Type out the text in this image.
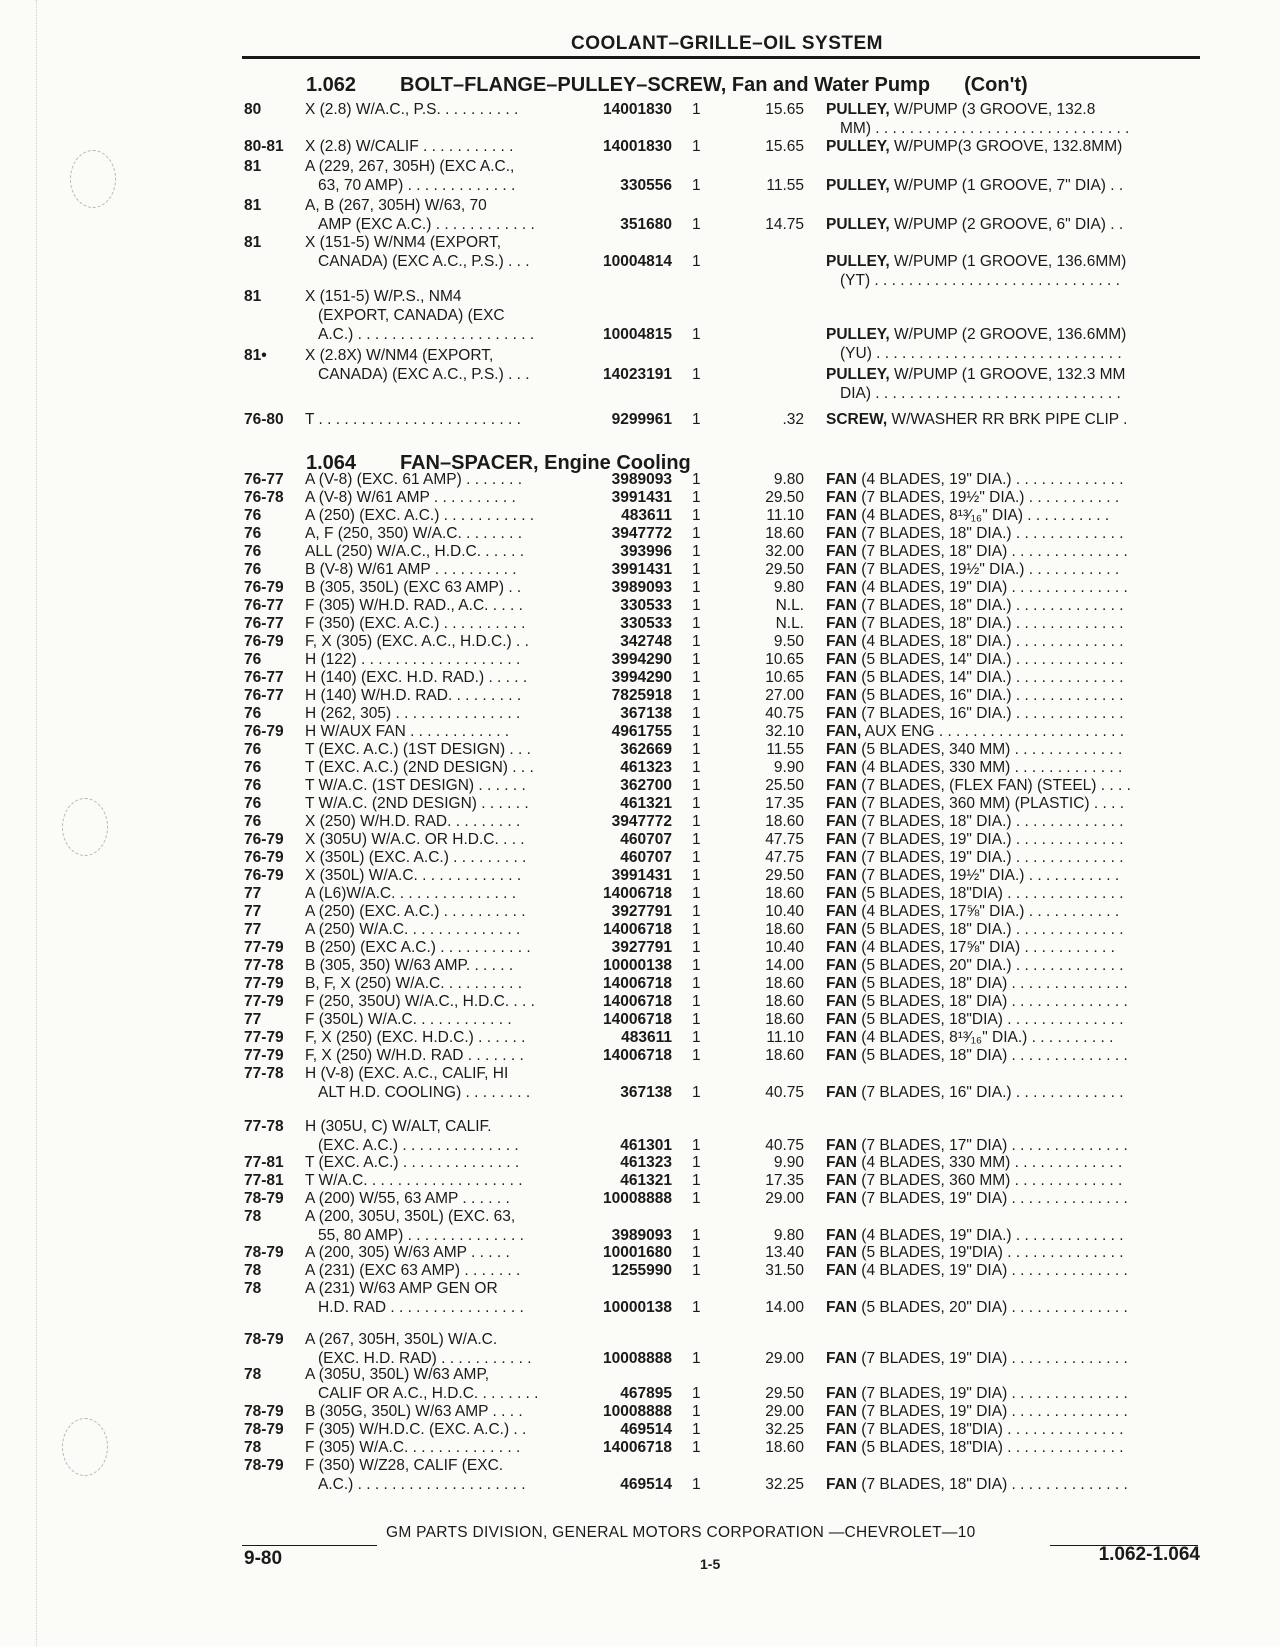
COOLANT–GRILLE–OIL SYSTEM
1.062 BOLT–FLANGE–PULLEY–SCREW, Fan and Water Pump (Con't)
1.064 FAN–SPACER, Engine Cooling
80	X (2.8) W/A.C., P.S. . . . . . . . . .	14001830 1	15.65 PULLEY, W/PUMP (3 GROOVE, 132.8
MM) . . . . . . . . . . . . . . . . . . . . . . . . . . . . . .
80-81 X (2.8) W/CALIF . . . . . . . . . . .	14001830 1	15.65 PULLEY, W/PUMP(3 GROOVE, 132.8MM)
81	A (229, 267, 305H) (EXC A.C.,
63, 70 AMP) . . . . . . . . . . . . .	330556 1	11.55 PULLEY, W/PUMP (1 GROOVE, 7" DIA) . .
81	A, B (267, 305H) W/63, 70
AMP (EXC A.C.) . . . . . . . . . . . .	351680 1	14.75 PULLEY, W/PUMP (2 GROOVE, 6" DIA) . .
81	X (151-5) W/NM4 (EXPORT,
CANADA) (EXC A.C., P.S.) . . .	10004814 1	PULLEY, W/PUMP (1 GROOVE, 136.6MM)
(YT) . . . . . . . . . . . . . . . . . . . . . . . . . . . . .
81	X (151-5) W/P.S., NM4
(EXPORT, CANADA) (EXC
A.C.) . . . . . . . . . . . . . . . . . . . . .	10004815 1	PULLEY, W/PUMP (2 GROOVE, 136.6MM)
(YU) . . . . . . . . . . . . . . . . . . . . . . . . . . . . .
81• X (2.8X) W/NM4 (EXPORT,
CANADA) (EXC A.C., P.S.) . . .	14023191 1	PULLEY, W/PUMP (1 GROOVE, 132.3 MM
DIA) . . . . . . . . . . . . . . . . . . . . . . . . . . . . .
76-80 T . . . . . . . . . . . . . . . . . . . . . . . .	9299961 1	.32 SCREW, W/WASHER RR BRK PIPE CLIP .
76-77 A (V-8) (EXC. 61 AMP) . . . . . . .	3989093 1	9.80 FAN (4 BLADES, 19" DIA.) . . . . . . . . . . . . .
76-78 A (V-8) W/61 AMP . . . . . . . . . .	3991431 1	29.50 FAN (7 BLADES, 19½" DIA.) . . . . . . . . . . .
76	A (250) (EXC. A.C.) . . . . . . . . . . .	483611 1	11.10 FAN (4 BLADES, 8¹³⁄₁₆" DIA) . . . . . . . . . .
76	A, F (250, 350) W/A.C. . . . . . . .	3947772 1	18.60 FAN (7 BLADES, 18" DIA.) . . . . . . . . . . . . .
76	ALL (250) W/A.C., H.D.C. . . . . .	393996 1	32.00 FAN (7 BLADES, 18" DIA) . . . . . . . . . . . . . .
76	B (V-8) W/61 AMP . . . . . . . . . .	3991431 1	29.50 FAN (7 BLADES, 19½" DIA.) . . . . . . . . . . .
76-79 B (305, 350L) (EXC 63 AMP) . .	3989093 1	9.80 FAN (4 BLADES, 19" DIA) . . . . . . . . . . . . . .
76-77 F (305) W/H.D. RAD., A.C. . . . .	330533 1	N.L. FAN (7 BLADES, 18" DIA.) . . . . . . . . . . . . .
76-77 F (350) (EXC. A.C.) . . . . . . . . . .	330533 1	N.L. FAN (7 BLADES, 18" DIA.) . . . . . . . . . . . . .
76-79 F, X (305) (EXC. A.C., H.D.C.) . .	342748 1	9.50 FAN (4 BLADES, 18" DIA.) . . . . . . . . . . . . .
76	H (122) . . . . . . . . . . . . . . . . . . .	3994290 1	10.65 FAN (5 BLADES, 14" DIA.) . . . . . . . . . . . . .
76-77 H (140) (EXC. H.D. RAD.) . . . . .	3994290 1	10.65 FAN (5 BLADES, 14" DIA.) . . . . . . . . . . . . .
76-77 H (140) W/H.D. RAD. . . . . . . . .	7825918 1	27.00 FAN (5 BLADES, 16" DIA.) . . . . . . . . . . . . .
76	H (262, 305) . . . . . . . . . . . . . . .	367138 1	40.75 FAN (7 BLADES, 16" DIA.) . . . . . . . . . . . . .
76-79 H W/AUX FAN . . . . . . . . . . . .	4961755 1	32.10 FAN, AUX ENG . . . . . . . . . . . . . . . . . . . . . .
76	T (EXC. A.C.) (1ST DESIGN) . . .	362669 1	11.55 FAN (5 BLADES, 340 MM) . . . . . . . . . . . . .
76	T (EXC. A.C.) (2ND DESIGN) . . .	461323 1	9.90 FAN (4 BLADES, 330 MM) . . . . . . . . . . . . .
76	T W/A.C. (1ST DESIGN) . . . . . .	362700 1	25.50 FAN (7 BLADES, (FLEX FAN) (STEEL) . . . .
76	T W/A.C. (2ND DESIGN) . . . . . .	461321 1	17.35 FAN (7 BLADES, 360 MM) (PLASTIC) . . . .
76	X (250) W/H.D. RAD. . . . . . . . .	3947772 1	18.60 FAN (7 BLADES, 18" DIA.) . . . . . . . . . . . . .
76-79 X (305U) W/A.C. OR H.D.C. . . .	460707 1	47.75 FAN (7 BLADES, 19" DIA.) . . . . . . . . . . . . .
76-79 X (350L) (EXC. A.C.) . . . . . . . . .	460707 1	47.75 FAN (7 BLADES, 19" DIA.) . . . . . . . . . . . . .
76-79 X (350L) W/A.C. . . . . . . . . . . . .	3991431 1	29.50 FAN (7 BLADES, 19½" DIA.) . . . . . . . . . . .
77	A (L6)W/A.C. . . . . . . . . . . . . . .	14006718 1	18.60 FAN (5 BLADES, 18"DIA) . . . . . . . . . . . . . .
77	A (250) (EXC. A.C.) . . . . . . . . . .	3927791 1	10.40 FAN (4 BLADES, 17⅝" DIA.) . . . . . . . . . . .
77	A (250) W/A.C. . . . . . . . . . . . . .	14006718 1	18.60 FAN (5 BLADES, 18" DIA.) . . . . . . . . . . . . .
77-79 B (250) (EXC A.C.) . . . . . . . . . . .	3927791 1	10.40 FAN (4 BLADES, 17⅝" DIA) . . . . . . . . . . .
77-78 B (305, 350) W/63 AMP. . . . . .	10000138 1	14.00 FAN (5 BLADES, 20" DIA.) . . . . . . . . . . . . .
77-79 B, F, X (250) W/A.C. . . . . . . . . .	14006718 1	18.60 FAN (5 BLADES, 18" DIA) . . . . . . . . . . . . . .
77-79 F (250, 350U) W/A.C., H.D.C. . . .	14006718 1	18.60 FAN (5 BLADES, 18" DIA) . . . . . . . . . . . . . .
77	F (350L) W/A.C. . . . . . . . . . . .	14006718 1	18.60 FAN (5 BLADES, 18"DIA) . . . . . . . . . . . . . .
77-79 F, X (250) (EXC. H.D.C.) . . . . . .	483611 1	11.10 FAN (4 BLADES, 8¹³⁄₁₆" DIA.) . . . . . . . . . .
77-79 F, X (250) W/H.D. RAD . . . . . . .	14006718 1	18.60 FAN (5 BLADES, 18" DIA) . . . . . . . . . . . . . .
77-78 H (V-8) (EXC. A.C., CALIF, HI
ALT H.D. COOLING) . . . . . . . .	367138 1	40.75 FAN (7 BLADES, 16" DIA.) . . . . . . . . . . . . .
77-78 H (305U, C) W/ALT, CALIF.
(EXC. A.C.) . . . . . . . . . . . . . .	461301 1	40.75 FAN (7 BLADES, 17" DIA) . . . . . . . . . . . . . .
77-81 T (EXC. A.C.) . . . . . . . . . . . . . .	461323 1	9.90 FAN (4 BLADES, 330 MM) . . . . . . . . . . . . .
77-81 T W/A.C. . . . . . . . . . . . . . . . . . .	461321 1	17.35 FAN (7 BLADES, 360 MM) . . . . . . . . . . . . .
78-79 A (200) W/55, 63 AMP . . . . . .	10008888 1	29.00 FAN (7 BLADES, 19" DIA) . . . . . . . . . . . . . .
78	A (200, 305U, 350L) (EXC. 63,
55, 80 AMP) . . . . . . . . . . . . . .	3989093 1	9.80 FAN (4 BLADES, 19" DIA.) . . . . . . . . . . . . .
78-79 A (200, 305) W/63 AMP . . . . .	10001680 1	13.40 FAN (5 BLADES, 19"DIA) . . . . . . . . . . . . . .
78	A (231) (EXC 63 AMP) . . . . . . .	1255990 1	31.50 FAN (4 BLADES, 19" DIA) . . . . . . . . . . . . . .
78	A (231) W/63 AMP GEN OR
H.D. RAD . . . . . . . . . . . . . . . .	10000138 1	14.00 FAN (5 BLADES, 20" DIA) . . . . . . . . . . . . . .
78-79 A (267, 305H, 350L) W/A.C.
(EXC. H.D. RAD) . . . . . . . . . . .	10008888 1	29.00 FAN (7 BLADES, 19" DIA) . . . . . . . . . . . . . .
78	A (305U, 350L) W/63 AMP,
CALIF OR A.C., H.D.C. . . . . . . .	467895 1	29.50 FAN (7 BLADES, 19" DIA) . . . . . . . . . . . . . .
78-79 B (305G, 350L) W/63 AMP . . . .	10008888 1	29.00 FAN (7 BLADES, 19" DIA) . . . . . . . . . . . . . .
78-79 F (305) W/H.D.C. (EXC. A.C.) . .	469514 1	32.25 FAN (7 BLADES, 18"DIA) . . . . . . . . . . . . . .
78	F (305) W/A.C. . . . . . . . . . . . . .	14006718 1	18.60 FAN (5 BLADES, 18"DIA) . . . . . . . . . . . . . .
78-79 F (350) W/Z28, CALIF (EXC.
A.C.) . . . . . . . . . . . . . . . . . . . .	469514 1	32.25 FAN (7 BLADES, 18" DIA) . . . . . . . . . . . . . .
GM PARTS DIVISION, GENERAL MOTORS CORPORATION —CHEVROLET—10
9-80	1-5	1.062-1.064
